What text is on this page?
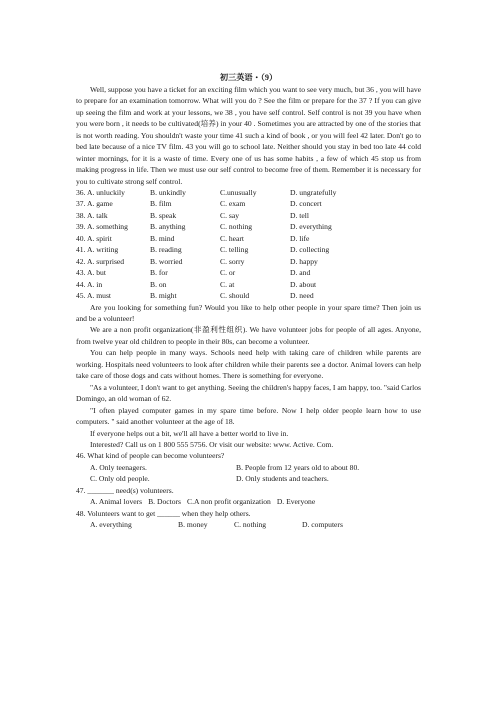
初三英语・（9）

Well, suppose you have a ticket for an exciting film which you want to see very much, but 36 , you will have to prepare for an examination tomorrow. What will you do ? See the film or prepare for the 37 ? If you can give up seeing the film and work at your lessons, we 38 , you have self control. Self control is not 39 you have when you were born , it needs to be cultivated(培养) in your 40 . Sometimes you are attracted by one of the stories that is not worth reading. You shouldn't waste your time 41 such a kind of book , or you will feel 42 later. Don't go to bed late because of a nice TV film. 43 you will go to school late. Neither should you stay in bed too late 44 cold winter mornings, for it is a waste of time. Every one of us has some habits , a few of which 45 stop us from making progress in life. Then we must use our self control to become free of them. Remember it is necessary for you to cultivate strong self control.

36. A. unluckily	B. unkindly	C.unusually	D. ungratefully
37. A. game	B. film	C. exam	D. concert
38. A. talk	B. speak	C. say	D. tell
39. A. something	B. anything	C. nothing	D. everything
40. A. spirit	B. mind	C. heart	D. life
41. A. writing	B. reading	C. telling	D. collecting
42. A. surprised	B. worried	C. sorry	D. happy
43. A. but	B. for	C. or	D. and
44. A. in	B. on	C. at	D. about
45. A. must	B. might	C. should	D. need

Are you looking for something fun? Would you like to help other people in your spare time? Then join us and be a volunteer!

We are a non profit organization(非盈利性组织). We have volunteer jobs for people of all ages. Anyone, from twelve year old children to people in their 80s, can become a volunteer.

You can help people in many ways. Schools need help with taking care of children while parents are working. Hospitals need volunteers to look after children while their parents see a doctor. Animal lovers can help take care of those dogs and cats without homes. There is something for everyone.

"As a volunteer, I don't want to get anything. Seeing the children's happy faces, I am happy, too. "said Carlos Domingo, an old woman of 62.

"I often played computer games in my spare time before. Now I help older people learn how to use computers. " said another volunteer at the age of 18.

If everyone helps out a bit, we'll all have a better world to live in.

Interested? Call us on 1 800 555 5756. Or visit our website: www. Active. Com.

46. What kind of people can become volunteers?
A. Only teenagers.	B. People from 12 years old to about 80.
C. Only old people.	D. Only students and teachers.
47. _______ need(s) volunteers.
A. Animal lovers B. Doctors C.A non profit organization D. Everyone
48. Volunteers want to get ______ when they help others.
A. everything	B. money	C. nothing	D. computers
